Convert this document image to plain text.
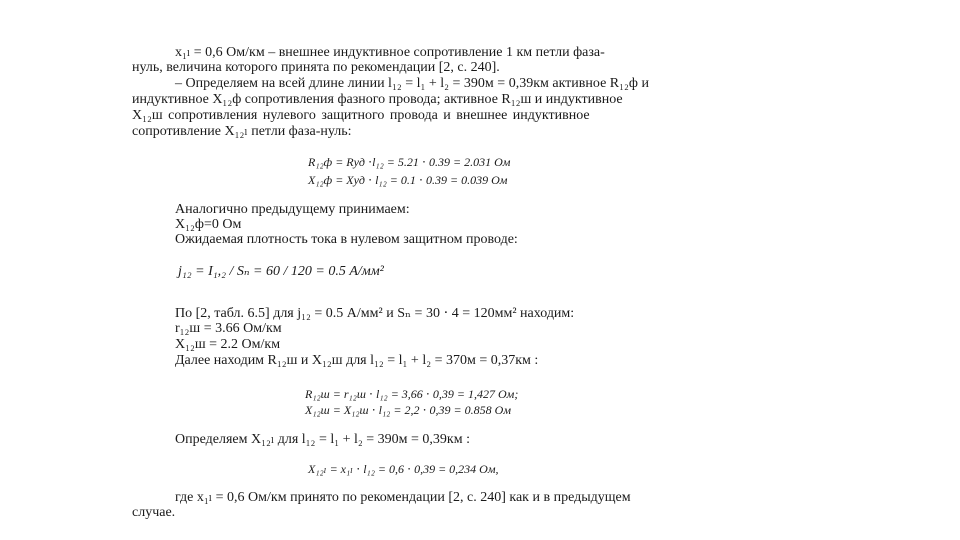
x₁ₗ = 0,6 Ом/км – внешнее индуктивное сопротивление 1 км петли фаза-
нуль, величина которого принята по рекомендации [2, с. 240].
– Определяем на всей длине линии l₁₂ = l₁ + l₂ = 390м = 0,39км активное R₁₂ф и
индуктивное X₁₂ф сопротивления фазного провода; активное R₁₂ш и индуктивное
X₁₂ш сопротивления нулевого защитного провода и внешнее индуктивное
сопротивление X₁₂ₗ петли фаза-нуль:
R₁₂ф = Rуд ⋅l₁₂ = 5.21 ⋅ 0.39 = 2.031 Ом
X₁₂ф = Xуд ⋅ l₁₂ = 0.1 ⋅ 0.39 = 0.039 Ом
Аналогично предыдущему принимаем:
X₁₂ф=0 Ом
Ожидаемая плотность тока в нулевом защитном проводе:
j₁₂ = I₁,₂ / Sₙ = 60 / 120 = 0.5 А/мм²
По [2, табл. 6.5] для j₁₂ = 0.5 А/мм² и Sₙ = 30 ⋅ 4 = 120мм² находим:
r₁₂ш = 3.66 Ом/км
X₁₂ш = 2.2 Ом/км
Далее находим R₁₂ш и X₁₂ш для l₁₂ = l₁ + l₂ = 370м = 0,37км :
R₁₂ш = r₁₂ш ⋅ l₁₂ = 3,66 ⋅ 0,39 = 1,427 Ом;
X₁₂ш = X₁₂ш ⋅ l₁₂ = 2,2 ⋅ 0,39 = 0.858 Ом
Определяем X₁₂ₗ для l₁₂ = l₁ + l₂ = 390м = 0,39км :
X₁₂ₗ = x₁ₗ ⋅ l₁₂ = 0,6 ⋅ 0,39 = 0,234 Ом,
где x₁ₗ = 0,6 Ом/км принято по рекомендации [2, с. 240] как и в предыдущем
случае.
